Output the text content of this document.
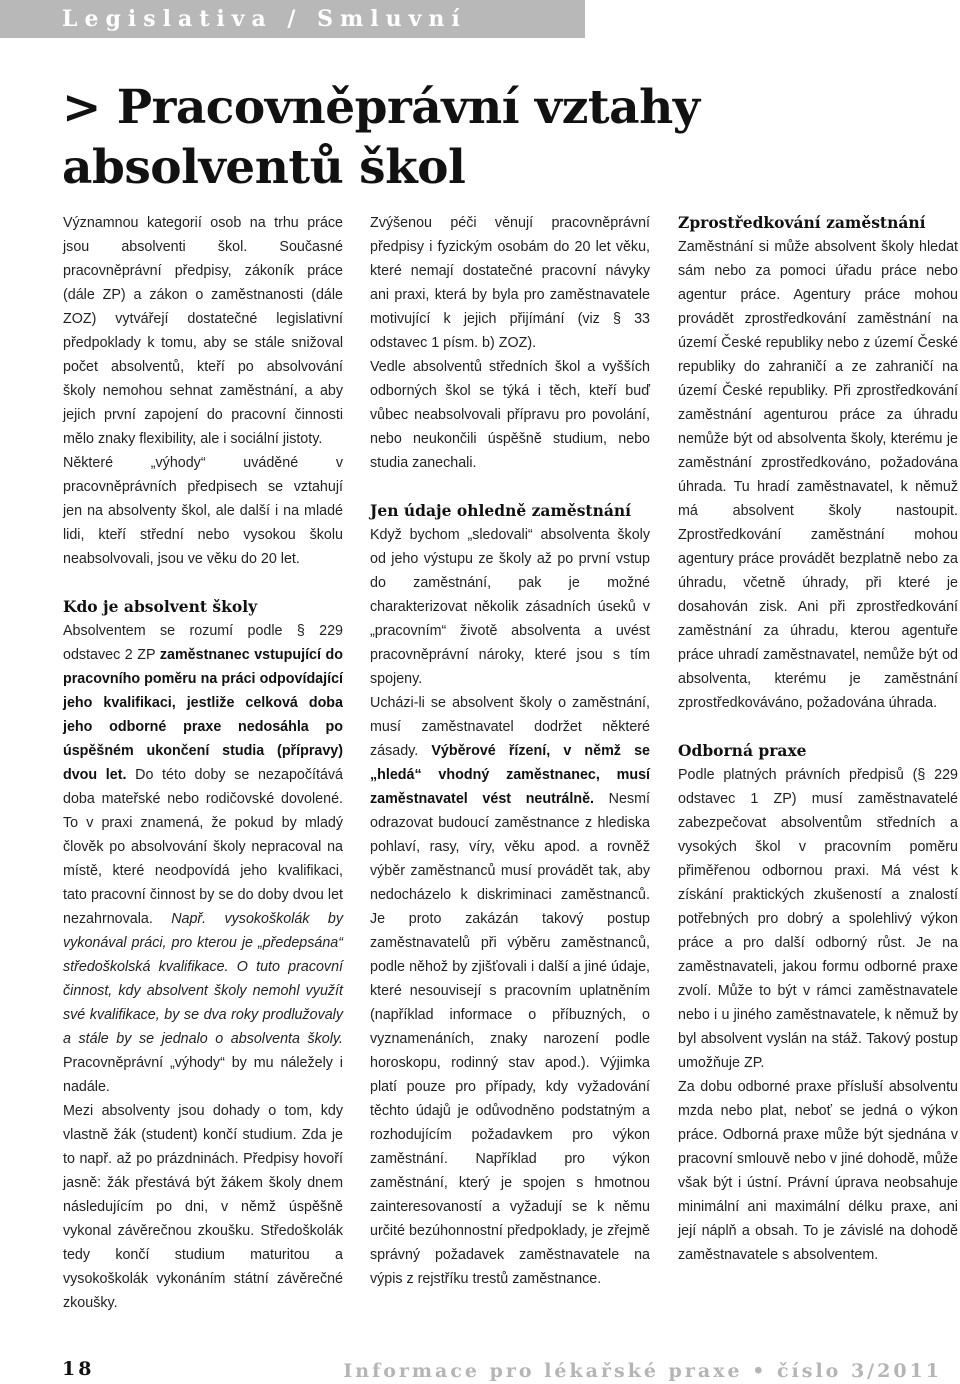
Legislativa / Smluvní vztahy
> Pracovněprávní vztahy absolventů škol

Významnou kategorií osob na trhu práce jsou absolventi škol. Současné pracovněprávní předpisy, zákoník práce (dále ZP) a zákon o zaměstnanosti (dále ZOZ) vytvářejí dostatečné legislativní předpoklady k tomu, aby se stále snižoval počet absolventů, kteří po absolvování školy nemohou sehnat zaměstnání, a aby jejich první zapojení do pracovní činnosti mělo znaky flexibility, ale i sociální jistoty.

Některé „výhody“ uváděné v pracovněprávních předpisech se vztahují jen na absolventy škol, ale další i na mladé lidi, kteří střední nebo vysokou školu neabsolvovali, jsou ve věku do 20 let.

Kdo je absolvent školy

Absolventem se rozumí podle § 229 odstavec 2 ZP zaměstnanec vstupující do pracovního poměru na práci odpovídající jeho kvalifikaci, jestliže celková doba jeho odborné praxe nedosáhla po úspěšném ukončení studia (přípravy) dvou let. Do této doby se nezapočítává doba mateřské nebo rodičovské dovolené. To v praxi znamená, že pokud by mladý člověk po absolvování školy nepracoval na místě, které neodpovídá jeho kvalifikaci, tato pracovní činnost by se do doby dvou let nezahrnovala. Např. vysokoškolák by vykonával práci, pro kterou je „předepsána“ středoškolská kvalifikace. O tuto pracovní činnost, kdy absolvent školy nemohl využít své kvalifikace, by se dva roky prodlužovaly a stále by se jednalo o absolventa školy. Pracovněprávní „výhody“ by mu náležely i nadále.

Mezi absolventy jsou dohady o tom, kdy vlastně žák (student) končí studium. Zda je to např. až po prázdninách. Předpisy hovoří jasně: žák přestává být žákem školy dnem následujícím po dni, v němž úspěšně vykonal závěrečnou zkoušku. Středoškolák tedy končí studium maturitou a vysokoškolák vykonáním státní závěrečné zkoušky.

Zvýšenou péči věnují pracovněprávní předpisy i fyzickým osobám do 20 let věku, které nemají dostatečné pracovní návyky ani praxi, která by byla pro zaměstnavatele motivující k jejich přijímání (viz § 33 odstavec 1 písm. b) ZOZ).

Vedle absolventů středních škol a vyšších odborných škol se týká i těch, kteří buď vůbec neabsolvovali přípravu pro povolání, nebo neukončili úspěšně studium, nebo studia zanechali.

Jen údaje ohledně zaměstnání

Když bychom „sledovali“ absolventa školy od jeho výstupu ze školy až po první vstup do zaměstnání, pak je možné charakterizovat několik zásadních úseků v „pracovním“ životě absolventa a uvést pracovněprávní nároky, které jsou s tím spojeny.

Ucházi-li se absolvent školy o zaměstnání, musí zaměstnavatel dodržet některé zásady. Výběrové řízení, v němž se „hledá“ vhodný zaměstnanec, musí zaměstnavatel vést neutrálně. Nesmí odrazovat budoucí zaměstnance z hlediska pohlaví, rasy, víry, věku apod. a rovněž výběr zaměstnanců musí provádět tak, aby nedocházelo k diskriminaci zaměstnanců. Je proto zakázán takový postup zaměstnavatelů při výběru zaměstnanců, podle něhož by zjišťovali i další a jiné údaje, které nesouvisejí s pracovním uplatněním (například informace o příbuzných, o vyznamenáních, znaky narození podle horoskopu, rodinný stav apod.). Výjimka platí pouze pro případy, kdy vyžadování těchto údajů je odůvodněno podstatným a rozhodujícím požadavkem pro výkon zaměstnání. Například pro výkon zaměstnání, který je spojen s hmotnou zainteresovaností a vyžadují se k němu určité bezúhonnostní předpoklady, je zřejmě správný požadavek zaměstnavatele na výpis z rejstříku trestů zaměstnance.

Zprostředkování zaměstnání

Zaměstnání si může absolvent školy hledat sám nebo za pomoci úřadu práce nebo agentur práce. Agentury práce mohou provádět zprostředkování zaměstnání na území České republiky nebo z území České republiky do zahraničí a ze zahraničí na území České republiky. Při zprostředkování zaměstnání agenturou práce za úhradu nemůže být od absolventa školy, kterému je zaměstnání zprostředkováno, požadována úhrada. Tu hradí zaměstnavatel, k němuž má absolvent školy nastoupit. Zprostředkování zaměstnání mohou agentury práce provádět bezplatně nebo za úhradu, včetně úhrady, při které je dosahován zisk. Ani při zprostředkování zaměstnání za úhradu, kterou agentuře práce uhradí zaměstnavatel, nemůže být od absolventa, kterému je zaměstnání zprostředkováváno, požadována úhrada.

Odborná praxe

Podle platných právních předpisů (§ 229 odstavec 1 ZP) musí zaměstnavatelé zabezpečovat absolventům středních a vysokých škol v pracovním poměru přiměřenou odbornou praxi. Má vést k získání praktických zkušeností a znalostí potřebných pro dobrý a spolehlivý výkon práce a pro další odborný růst. Je na zaměstnavateli, jakou formu odborné praxe zvolí. Může to být v rámci zaměstnavatele nebo i u jiného zaměstnavatele, k němuž by byl absolvent vyslán na stáž. Takový postup umožňuje ZP.

Za dobu odborné praxe přísluší absolventu mzda nebo plat, neboť se jedná o výkon práce. Odborná praxe může být sjednána v pracovní smlouvě nebo v jiné dohodě, může však být i ústní. Právní úprava neobsahuje minimální ani maximální délku praxe, ani její náplň a obsah. To je závislé na dohodě zaměstnavatele s absolventem.

18	Informace pro lékařské praxe • číslo 3/2011
